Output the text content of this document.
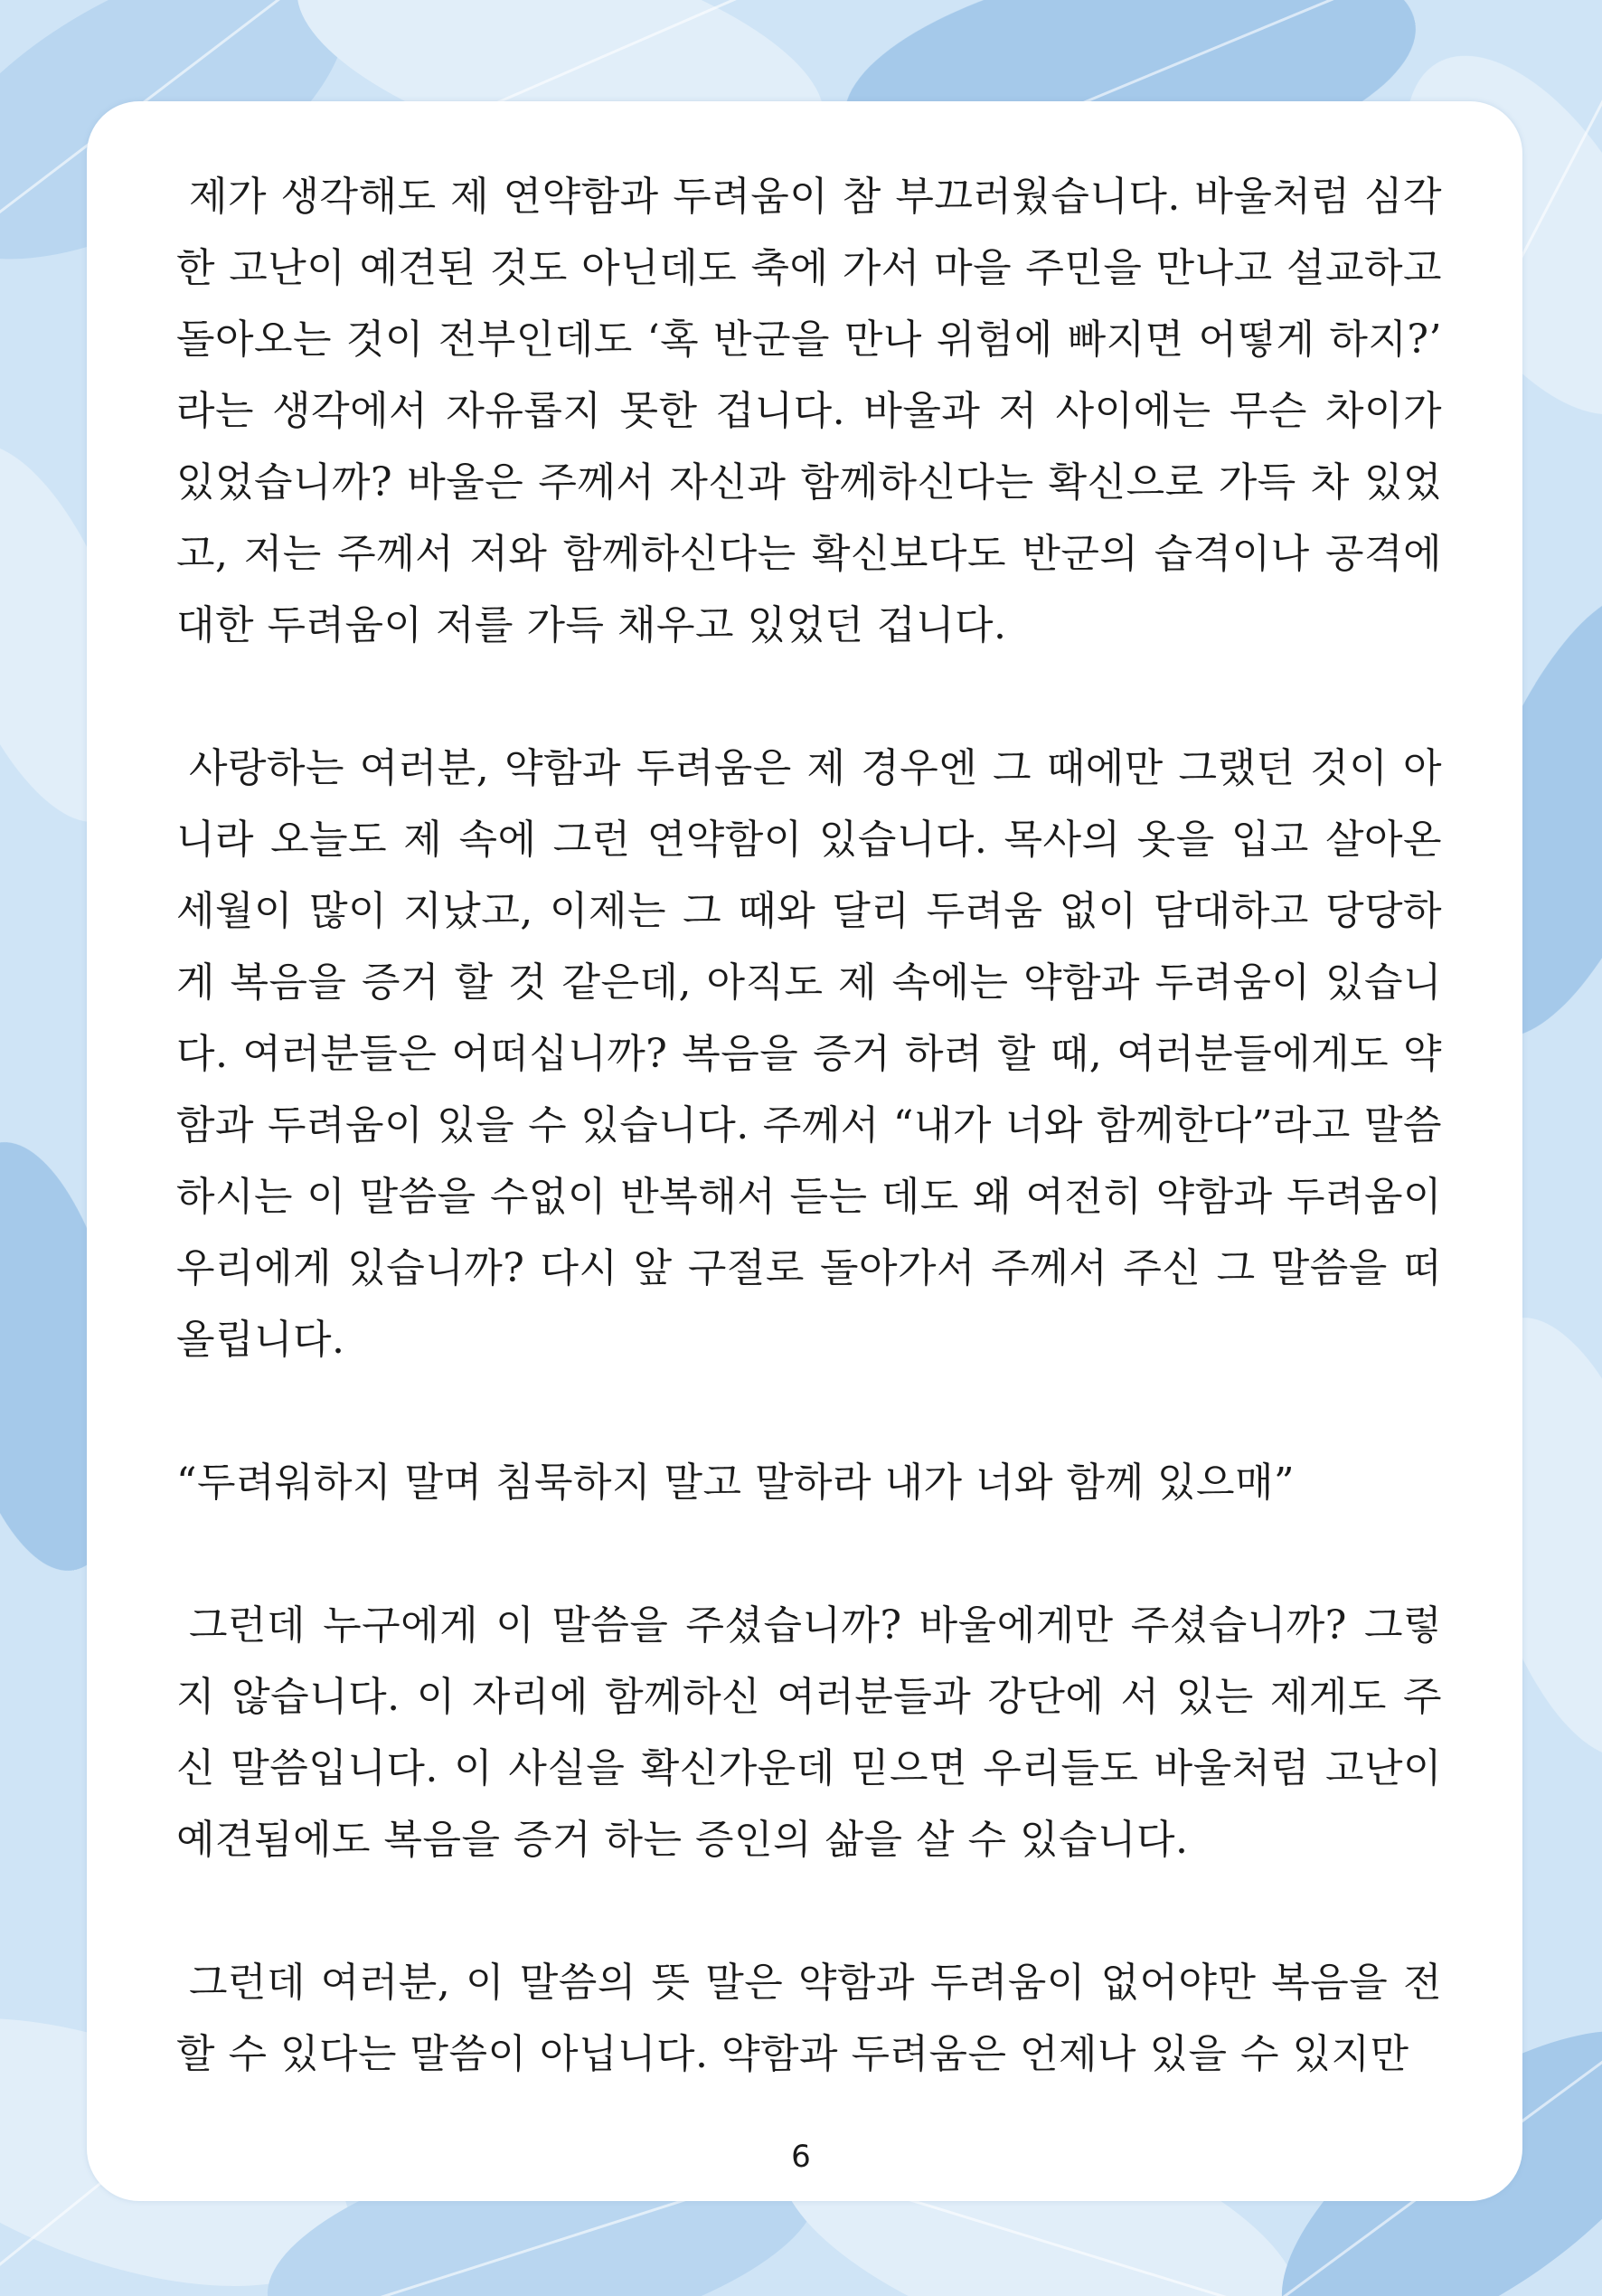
제가 생각해도 제 연약함과 두려움이 참 부끄러웠습니다. 바울처럼 심각한 고난이 예견된 것도 아닌데도 축에 가서 마을 주민을 만나고 설교하고 돌아오는 것이 전부인데도 ‘혹 반군을 만나 위험에 빠지면 어떻게 하지?’ 라는 생각에서 자유롭지 못한 겁니다. 바울과 저 사이에는 무슨 차이가 있었습니까? 바울은 주께서 자신과 함께하신다는 확신으로 가득 차 있었고, 저는 주께서 저와 함께하신다는 확신보다도 반군의 습격이나 공격에 대한 두려움이 저를 가득 채우고 있었던 겁니다.

사랑하는 여러분, 약함과 두려움은 제 경우엔 그 때에만 그랬던 것이 아니라 오늘도 제 속에 그런 연약함이 있습니다. 목사의 옷을 입고 살아온 세월이 많이 지났고, 이제는 그 때와 달리 두려움 없이 담대하고 당당하게 복음을 증거 할 것 같은데, 아직도 제 속에는 약함과 두려움이 있습니다. 여러분들은 어떠십니까? 복음을 증거 하려 할 때, 여러분들에게도 약함과 두려움이 있을 수 있습니다. 주께서 “내가 너와 함께한다”라고 말씀하시는 이 말씀을 수없이 반복해서 듣는 데도 왜 여전히 약함과 두려움이 우리에게 있습니까? 다시 앞 구절로 돌아가서 주께서 주신 그 말씀을 떠올립니다.

“두려워하지 말며 침묵하지 말고 말하라 내가 너와 함께 있으매”

그런데 누구에게 이 말씀을 주셨습니까? 바울에게만 주셨습니까? 그렇지 않습니다. 이 자리에 함께하신 여러분들과 강단에 서 있는 제게도 주신 말씀입니다. 이 사실을 확신가운데 믿으면 우리들도 바울처럼 고난이 예견됨에도 복음을 증거 하는 증인의 삶을 살 수 있습니다.

그런데 여러분, 이 말씀의 뜻 말은 약함과 두려움이 없어야만 복음을 전할 수 있다는 말씀이 아닙니다. 약함과 두려움은 언제나 있을 수 있지만

6
